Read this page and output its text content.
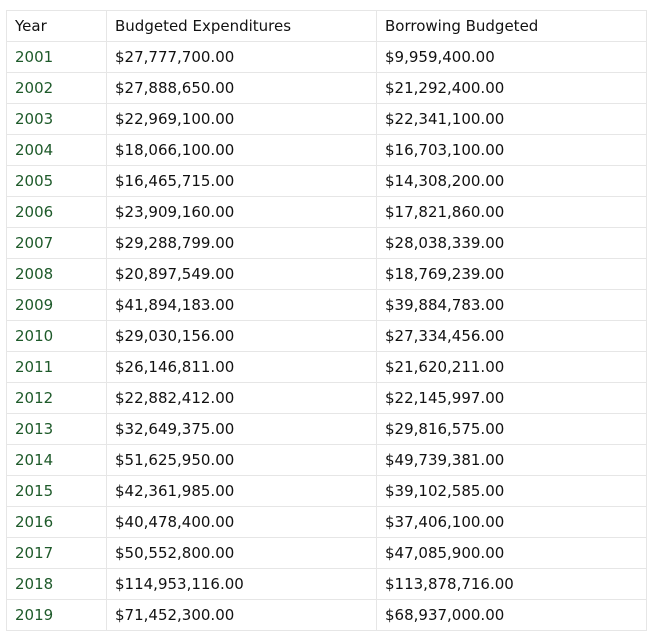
Year	Budgeted Expenditures	Borrowing Budgeted
2001	$27,777,700.00	$9,959,400.00
2002	$27,888,650.00	$21,292,400.00
2003	$22,969,100.00	$22,341,100.00
2004	$18,066,100.00	$16,703,100.00
2005	$16,465,715.00	$14,308,200.00
2006	$23,909,160.00	$17,821,860.00
2007	$29,288,799.00	$28,038,339.00
2008	$20,897,549.00	$18,769,239.00
2009	$41,894,183.00	$39,884,783.00
2010	$29,030,156.00	$27,334,456.00
2011	$26,146,811.00	$21,620,211.00
2012	$22,882,412.00	$22,145,997.00
2013	$32,649,375.00	$29,816,575.00
2014	$51,625,950.00	$49,739,381.00
2015	$42,361,985.00	$39,102,585.00
2016	$40,478,400.00	$37,406,100.00
2017	$50,552,800.00	$47,085,900.00
2018	$114,953,116.00	$113,878,716.00
2019	$71,452,300.00	$68,937,000.00
